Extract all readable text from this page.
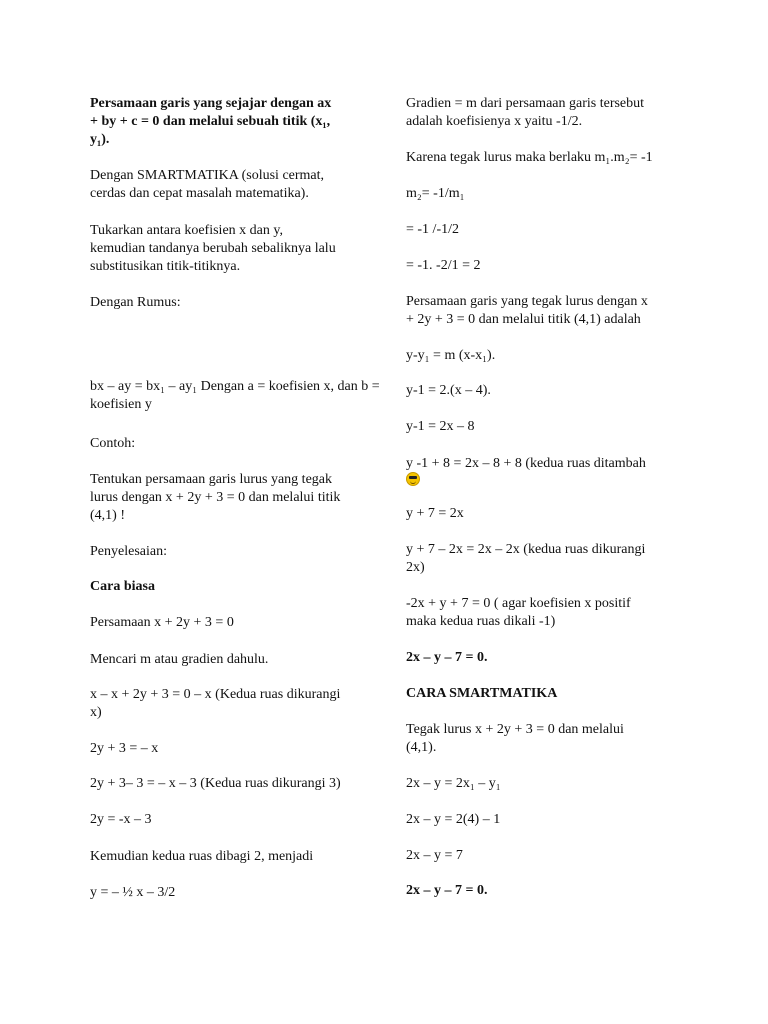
Persamaan garis yang sejajar dengan ax
+ by + c = 0 dan melalui sebuah titik (x₁,
y₁).
Dengan SMARTMATIKA (solusi cermat,
cerdas dan cepat masalah matematika).
Tukarkan antara koefisien x dan y,
kemudian tandanya berubah sebaliknya lalu
substitusikan titik-titiknya.
Dengan Rumus:
bx – ay = bx₁ – ay₁ Dengan a = koefisien x, dan b =
koefisien y
Contoh:
Tentukan persamaan garis lurus yang tegak
lurus dengan x + 2y + 3 = 0 dan melalui titik
(4,1) !
Penyelesaian:
Cara biasa
Persamaan x + 2y + 3 = 0
Mencari m atau gradien dahulu.
x – x + 2y + 3 = 0 – x (Kedua ruas dikurangi
x)
2y + 3 = – x
2y + 3– 3 = – x – 3 (Kedua ruas dikurangi 3)
2y = -x – 3
Kemudian kedua ruas dibagi 2, menjadi
y = – ½ x – 3/2
Gradien = m dari persamaan garis tersebut
adalah koefisienya x yaitu -1/2.
Karena tegak lurus maka berlaku m₁.m₂= -1
m₂= -1/m₁
= -1 /-1/2
= -1. -2/1 = 2
Persamaan garis yang tegak lurus dengan x
+ 2y + 3 = 0 dan melalui titik (4,1) adalah
y-y₁ = m (x-x₁).
y-1 = 2.(x – 4).
y-1 = 2x – 8
y -1 + 8 = 2x – 8 + 8 (kedua ruas ditambah
y + 7 = 2x
y + 7 – 2x = 2x – 2x (kedua ruas dikurangi
2x)
-2x + y + 7 = 0 ( agar koefisien x positif
maka kedua ruas dikali -1)
2x – y – 7 = 0.
CARA SMARTMATIKA
Tegak lurus x + 2y + 3 = 0 dan melalui
(4,1).
2x – y = 2x₁ – y₁
2x – y = 2(4) – 1
2x – y = 7
2x – y – 7 = 0.
